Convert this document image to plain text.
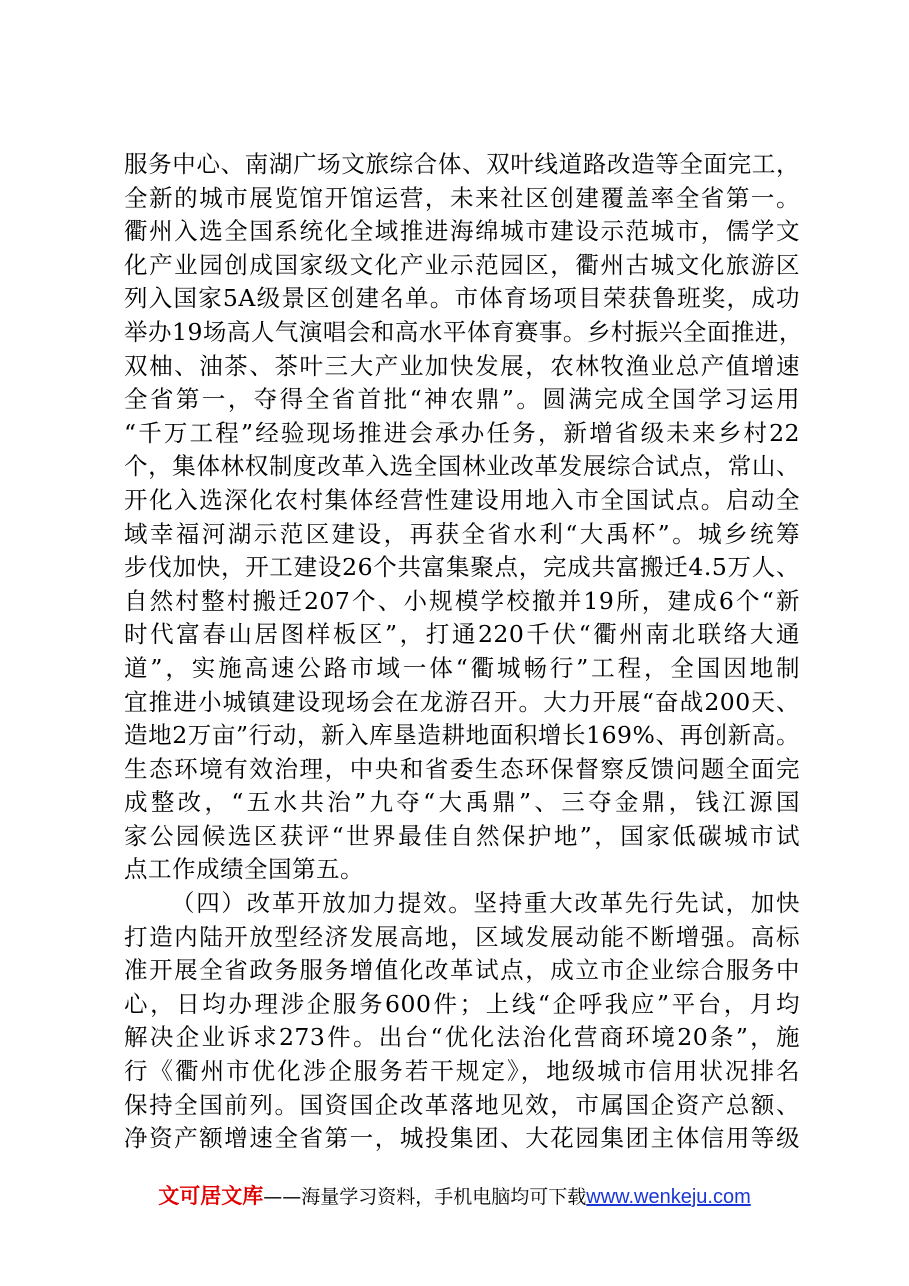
服务中心、南湖广场文旅综合体、双叶线道路改造等全面完工，
全新的城市展览馆开馆运营，未来社区创建覆盖率全省第一。
衢州入选全国系统化全域推进海绵城市建设示范城市，儒学文
化产业园创成国家级文化产业示范园区，衢州古城文化旅游区
列入国家5A级景区创建名单。市体育场项目荣获鲁班奖，成功
举办19场高人气演唱会和高水平体育赛事。乡村振兴全面推进，
双柚、油茶、茶叶三大产业加快发展，农林牧渔业总产值增速
全省第一，夺得全省首批“神农鼎”。圆满完成全国学习运用
“千万工程”经验现场推进会承办任务，新增省级未来乡村22
个，集体林权制度改革入选全国林业改革发展综合试点，常山、
开化入选深化农村集体经营性建设用地入市全国试点。启动全
域幸福河湖示范区建设，再获全省水利“大禹杯”。城乡统筹
步伐加快，开工建设26个共富集聚点，完成共富搬迁4.5万人、
自然村整村搬迁207个、小规模学校撤并19所，建成6个“新
时代富春山居图样板区”，打通220千伏“衢州南北联络大通
道”，实施高速公路市域一体“衢城畅行”工程，全国因地制
宜推进小城镇建设现场会在龙游召开。大力开展“奋战200天、
造地2万亩”行动，新入库垦造耕地面积增长169%、再创新高。
生态环境有效治理，中央和省委生态环保督察反馈问题全面完
成整改，“五水共治”九夺“大禹鼎”、三夺金鼎，钱江源国
家公园候选区获评“世界最佳自然保护地”，国家低碳城市试
点工作成绩全国第五。
（四）改革开放加力提效。坚持重大改革先行先试，加快
打造内陆开放型经济发展高地，区域发展动能不断增强。高标
准开展全省政务服务增值化改革试点，成立市企业综合服务中
心，日均办理涉企服务600件；上线“企呼我应”平台，月均
解决企业诉求273件。出台“优化法治化营商环境20条”，施
行《衢州市优化涉企服务若干规定》，地级城市信用状况排名
保持全国前列。国资国企改革落地见效，市属国企资产总额、
净资产额增速全省第一，城投集团、大花园集团主体信用等级
文可居文库——海量学习资料，手机电脑均可下载www.wenkeju.com
